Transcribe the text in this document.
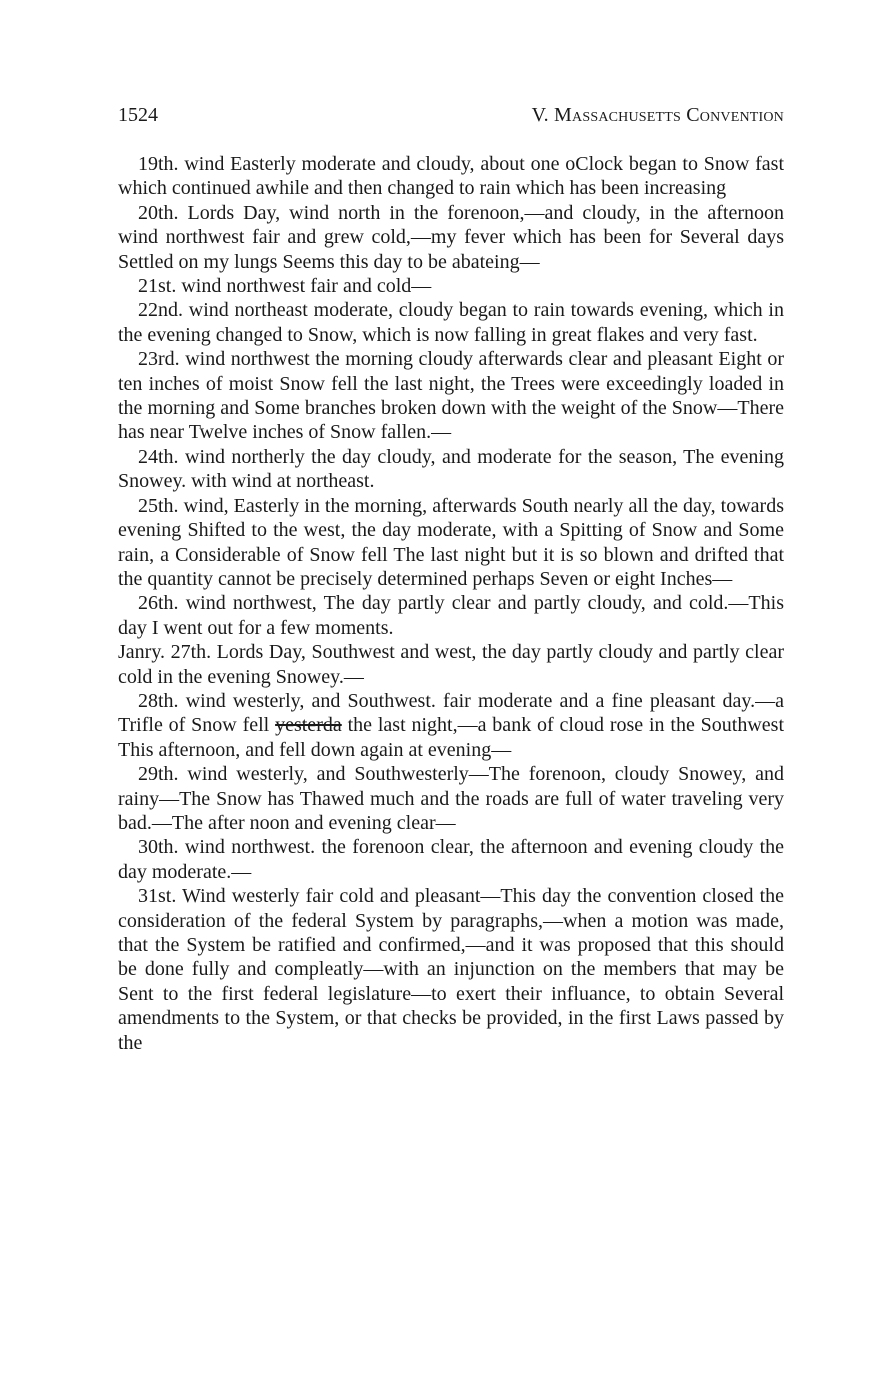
1524	V. Massachusetts Convention

19th. wind Easterly moderate and cloudy, about one oClock began to Snow fast which continued awhile and then changed to rain which has been increasing

20th. Lords Day, wind north in the forenoon,—and cloudy, in the afternoon wind northwest fair and grew cold,—my fever which has been for Several days Settled on my lungs Seems this day to be abateing—

21st. wind northwest fair and cold—

22nd. wind northeast moderate, cloudy began to rain towards evening, which in the evening changed to Snow, which is now falling in great flakes and very fast.

23rd. wind northwest the morning cloudy afterwards clear and pleasant Eight or ten inches of moist Snow fell the last night, the Trees were exceedingly loaded in the morning and Some branches broken down with the weight of the Snow—There has near Twelve inches of Snow fallen.—

24th. wind northerly the day cloudy, and moderate for the season, The evening Snowey. with wind at northeast.

25th. wind, Easterly in the morning, afterwards South nearly all the day, towards evening Shifted to the west, the day moderate, with a Spitting of Snow and Some rain, a Considerable of Snow fell The last night but it is so blown and drifted that the quantity cannot be precisely determined perhaps Seven or eight Inches—

26th. wind northwest, The day partly clear and partly cloudy, and cold.—This day I went out for a few moments.

Janry. 27th. Lords Day, Southwest and west, the day partly cloudy and partly clear cold in the evening Snowey.—

28th. wind westerly, and Southwest. fair moderate and a fine pleasant day.—a Trifle of Snow fell yesterda the last night,—a bank of cloud rose in the Southwest This afternoon, and fell down again at evening—

29th. wind westerly, and Southwesterly—The forenoon, cloudy Snowey, and rainy—The Snow has Thawed much and the roads are full of water traveling very bad.—The after noon and evening clear—

30th. wind northwest. the forenoon clear, the afternoon and evening cloudy the day moderate.—

31st. Wind westerly fair cold and pleasant—This day the convention closed the consideration of the federal System by paragraphs,—when a motion was made, that the System be ratified and confirmed,—and it was proposed that this should be done fully and compleatly—with an injunction on the members that may be Sent to the first federal legislature—to exert their influance, to obtain Several amendments to the System, or that checks be provided, in the first Laws passed by the
